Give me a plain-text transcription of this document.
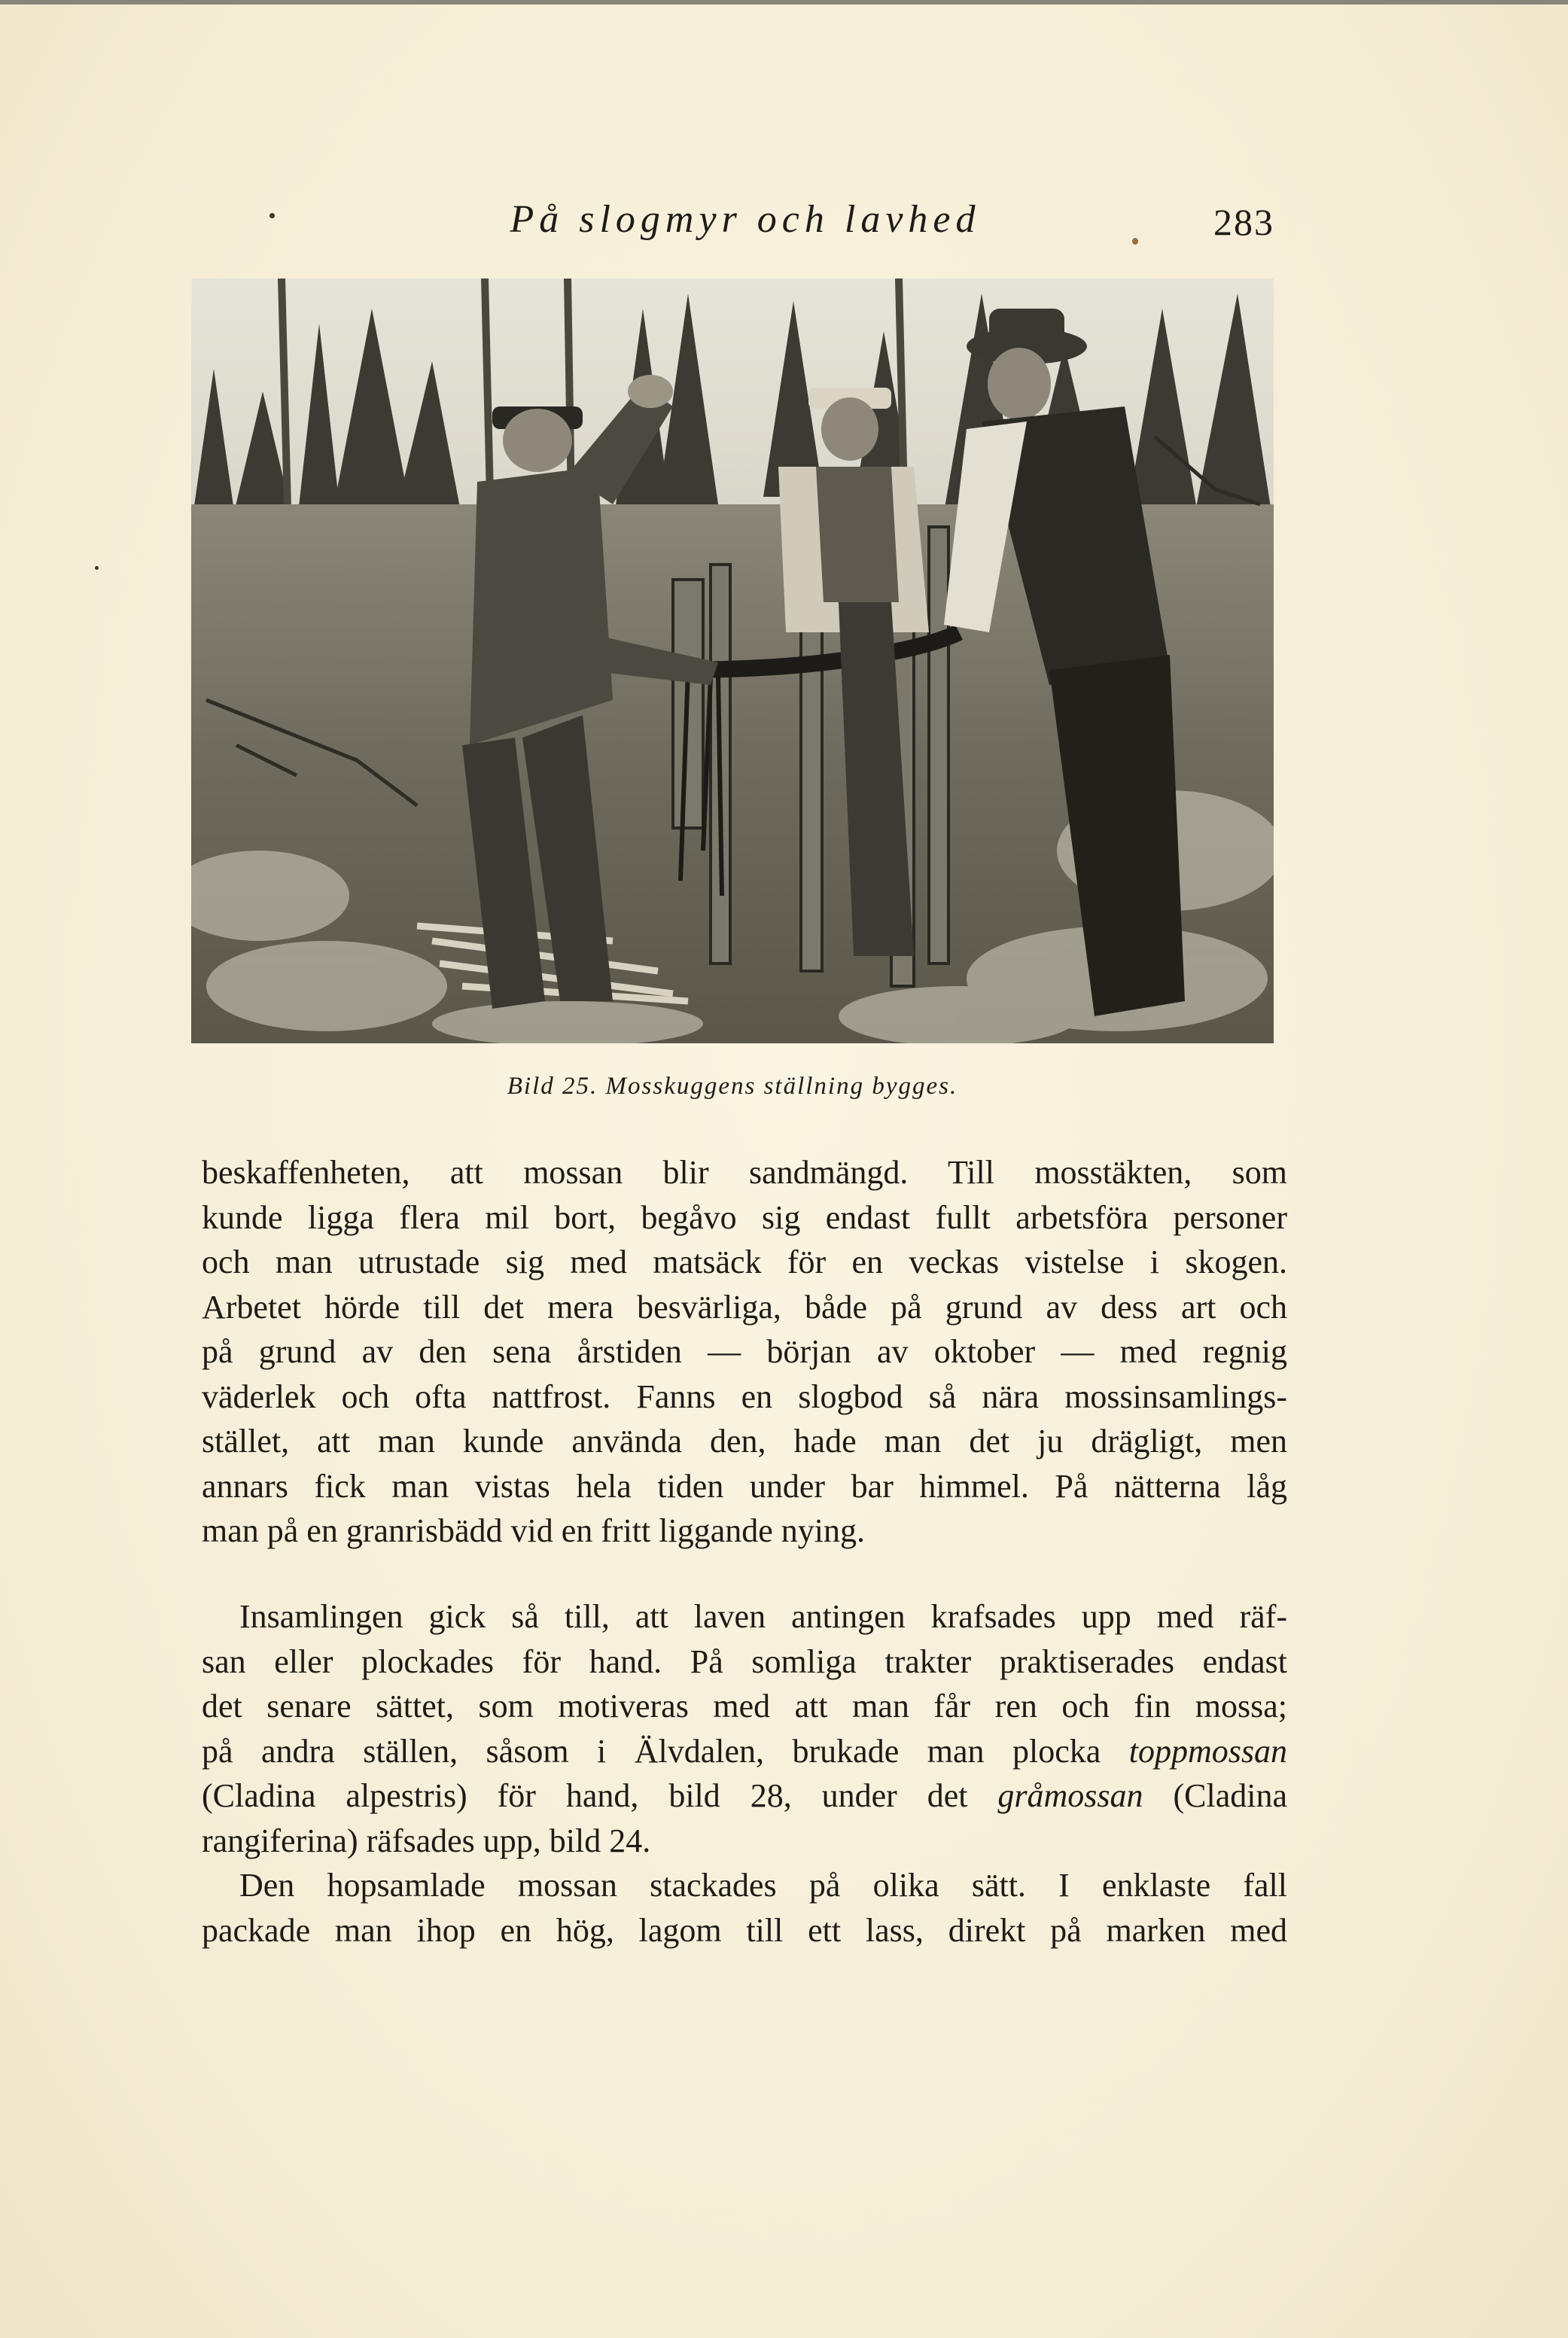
På slogmyr och lavhed	283
Bild 25. Mosskuggens ställning bygges.
beskaffenheten, att mossan blir sandmängd. Till mosstäkten, som
kunde ligga flera mil bort, begåvo sig endast fullt arbetsföra personer
och man utrustade sig med matsäck för en veckas vistelse i skogen.
Arbetet hörde till det mera besvärliga, både på grund av dess art och
på grund av den sena årstiden — början av oktober — med regnig
väderlek och ofta nattfrost. Fanns en slogbod så nära mossinsamlings-
stället, att man kunde använda den, hade man det ju drägligt, men
annars fick man vistas hela tiden under bar himmel. På nätterna låg
man på en granrisbädd vid en fritt liggande nying.
Insamlingen gick så till, att laven antingen krafsades upp med räf-
san eller plockades för hand. På somliga trakter praktiserades endast
det senare sättet, som motiveras med att man får ren och fin mossa;
på andra ställen, såsom i Älvdalen, brukade man plocka toppmossan
(Cladina alpestris) för hand, bild 28, under det gråmossan (Cladina
rangiferina) räfsades upp, bild 24.
Den hopsamlade mossan stackades på olika sätt. I enklaste fall
packade man ihop en hög, lagom till ett lass, direkt på marken med
